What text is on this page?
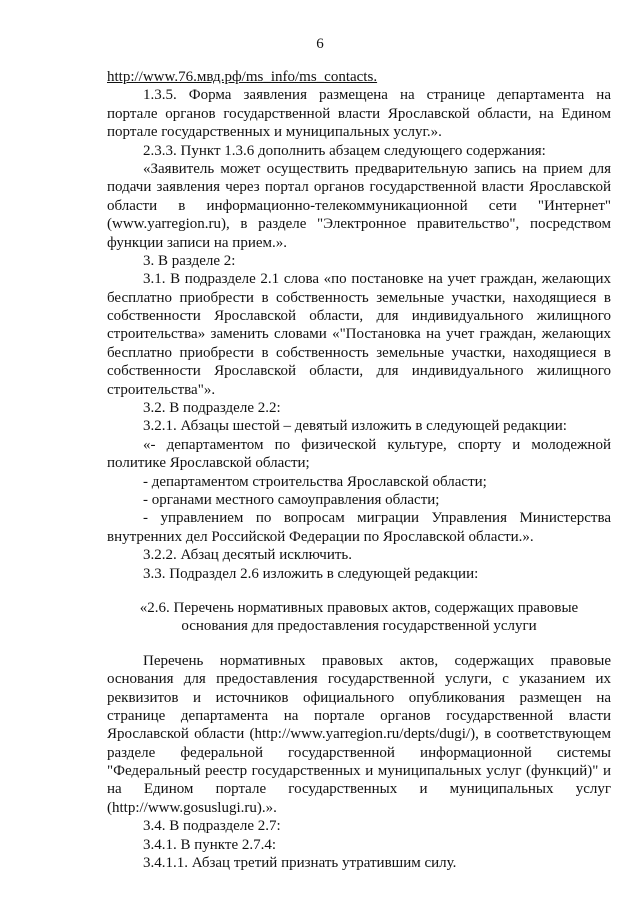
6
http://www.76.мвд.рф/ms_info/ms_contacts.
1.3.5. Форма заявления размещена на странице департамента на
портале органов государственной власти Ярославской области, на Едином
портале государственных и муниципальных услуг.».
2.3.3. Пункт 1.3.6 дополнить абзацем следующего содержания:
«Заявитель может осуществить предварительную запись на прием для
подачи заявления через портал органов государственной власти Ярославской
области в информационно-телекоммуникационной сети "Интернет"
(www.yarregion.ru), в разделе "Электронное правительство", посредством
функции записи на прием.».
3. В разделе 2:
3.1. В подразделе 2.1 слова «по постановке на учет граждан, желающих
бесплатно приобрести в собственность земельные участки, находящиеся в
собственности Ярославской области, для индивидуального жилищного
строительства» заменить словами «"Постановка на учет граждан, желающих
бесплатно приобрести в собственность земельные участки, находящиеся в
собственности Ярославской области, для индивидуального жилищного
строительства"».
3.2. В подразделе 2.2:
3.2.1. Абзацы шестой – девятый изложить в следующей редакции:
«- департаментом по физической культуре, спорту и молодежной
политике Ярославской области;
- департаментом строительства Ярославской области;
- органами местного самоуправления области;
- управлением по вопросам миграции Управления Министерства
внутренних дел Российской Федерации по Ярославской области.».
3.2.2. Абзац десятый исключить.
3.3. Подраздел 2.6 изложить в следующей редакции:
«2.6. Перечень нормативных правовых актов, содержащих правовые
основания для предоставления государственной услуги
Перечень нормативных правовых актов, содержащих правовые
основания для предоставления государственной услуги, с указанием их
реквизитов и источников официального опубликования размещен на
странице департамента на портале органов государственной власти
Ярославской области (http://www.yarregion.ru/depts/dugi/), в соответствующем
разделе федеральной государственной информационной системы
"Федеральный реестр государственных и муниципальных услуг (функций)" и
на Едином портале государственных и муниципальных услуг
(http://www.gosuslugi.ru).».
3.4. В подразделе 2.7:
3.4.1. В пункте 2.7.4:
3.4.1.1. Абзац третий признать утратившим силу.
